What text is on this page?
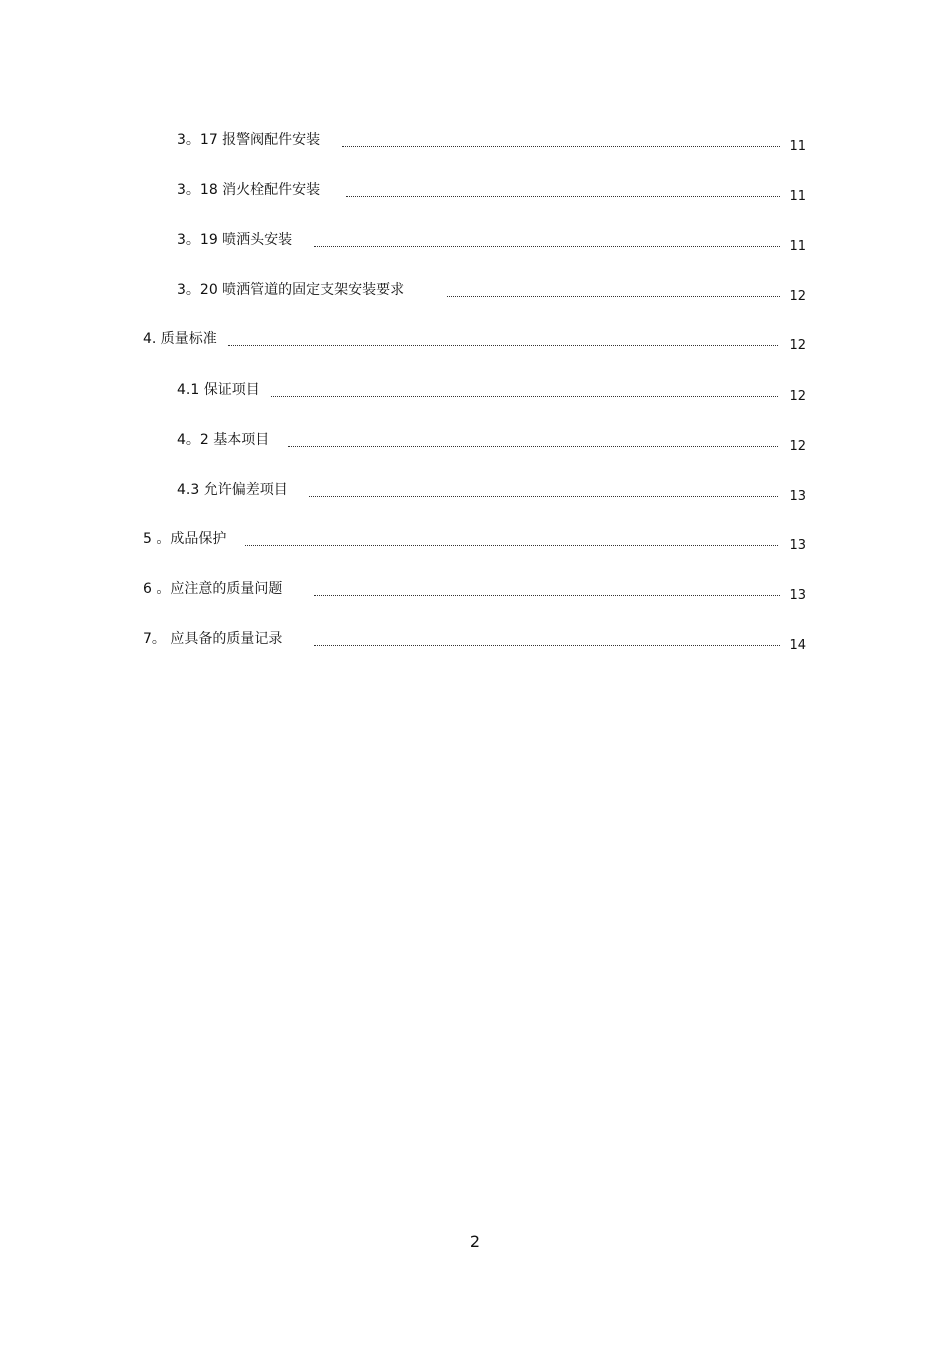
3。17 报警阀配件安装	11
3。18 消火栓配件安装	11
3。19 喷洒头安装	11
3。20 喷洒管道的固定支架安装要求	12
4. 质量标准	12
4.1 保证项目	12
4。2 基本项目	12
4.3 允许偏差项目	13
5 。成品保护	13
6 。应注意的质量问题	13
7。 应具备的质量记录	14
2
